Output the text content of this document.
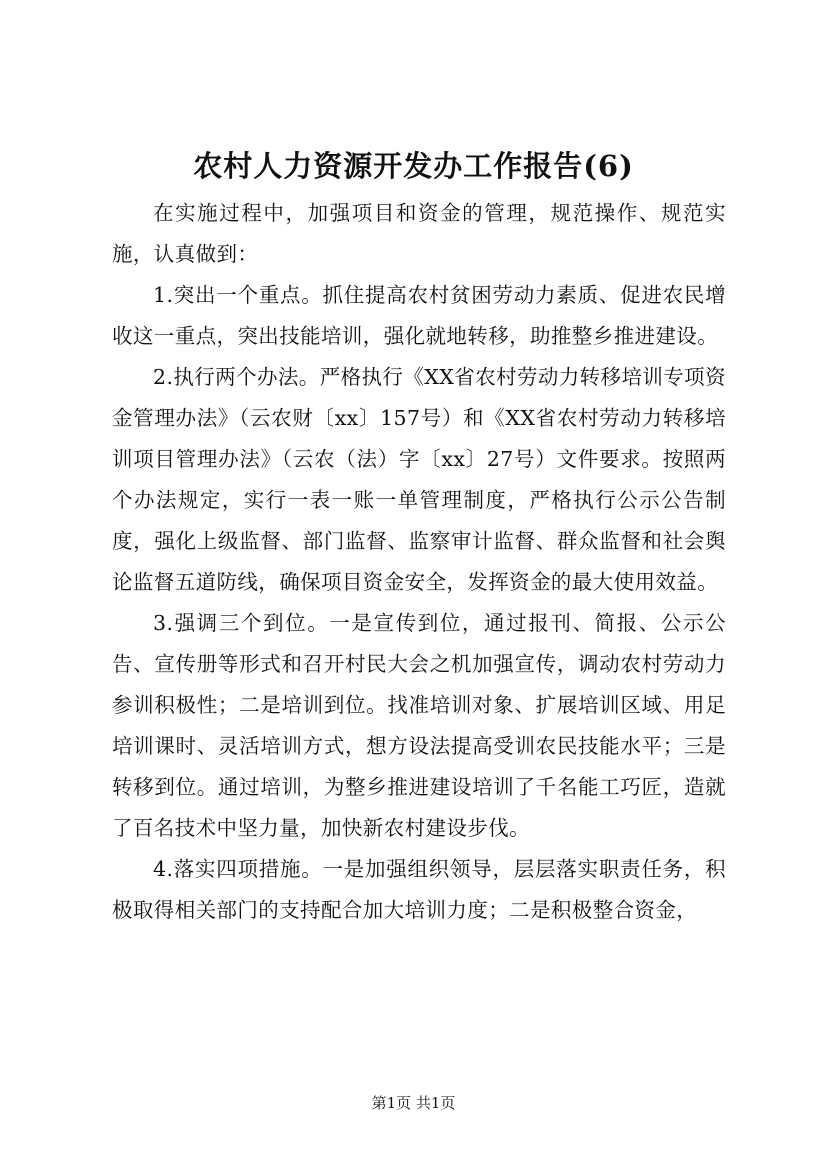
农村人力资源开发办工作报告(6)

在实施过程中，加强项目和资金的管理，规范操作、规范实施，认真做到：

1.突出一个重点。抓住提高农村贫困劳动力素质、促进农民增收这一重点，突出技能培训，强化就地转移，助推整乡推进建设。

2.执行两个办法。严格执行《XX省农村劳动力转移培训专项资金管理办法》（云农财〔xx〕157号）和《XX省农村劳动力转移培训项目管理办法》（云农（法）字〔xx〕27号）文件要求。按照两个办法规定，实行一表一账一单管理制度，严格执行公示公告制度，强化上级监督、部门监督、监察审计监督、群众监督和社会舆论监督五道防线，确保项目资金安全，发挥资金的最大使用效益。

3.强调三个到位。一是宣传到位，通过报刊、简报、公示公告、宣传册等形式和召开村民大会之机加强宣传，调动农村劳动力参训积极性；二是培训到位。找准培训对象、扩展培训区域、用足培训课时、灵活培训方式，想方设法提高受训农民技能水平；三是转移到位。通过培训，为整乡推进建设培训了千名能工巧匠，造就了百名技术中坚力量，加快新农村建设步伐。

4.落实四项措施。一是加强组织领导，层层落实职责任务，积极取得相关部门的支持配合加大培训力度；二是积极整合资金，

第1页 共1页
